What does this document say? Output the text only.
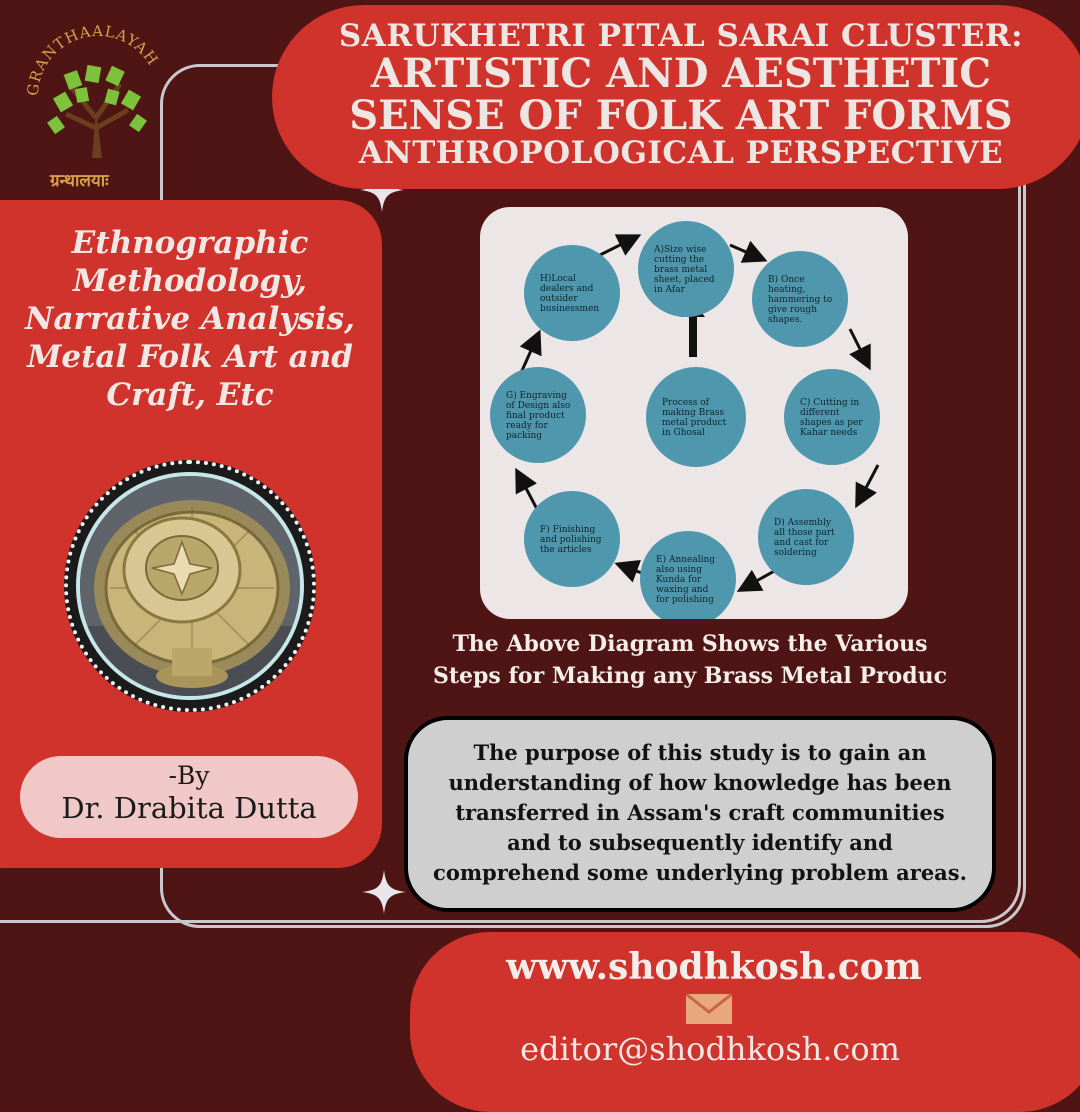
GRANTHAALAYAH
ग्रन्थालयाः
SARUKHETRI PITAL SARAI CLUSTER:
ARTISTIC AND AESTHETIC
SENSE OF FOLK ART FORMS
ANTHROPOLOGICAL PERSPECTIVE
Ethnographic
Methodology,
Narrative Analysis,
Metal Folk Art and
Craft, Etc
-By
Dr. Drabita Dutta
A)Size wise
cutting the
brass metal
sheet, placed
in Afar
B) Once
heating,
hammering to
give rough
shapes.
C) Cutting in
different
shapes as per
Kahar needs
D) Assembly
all those part
and cast for
soldering
E) Annealing
also using
Kunda for
waxing and
for polishing
F) Finishing
and polishing
the articles
G) Engraving
of Design also
final product
ready for
packing
H)Local
dealers and
outsider
businessmen
Process of
making Brass
metal product
in Ghosal
The Above Diagram Shows the Various
Steps for Making any Brass Metal Produc
The purpose of this study is to gain an
understanding of how knowledge has been
transferred in Assam's craft communities
and to subsequently identify and
comprehend some underlying problem areas.
www.shodhkosh.com
editor@shodhkosh.com
